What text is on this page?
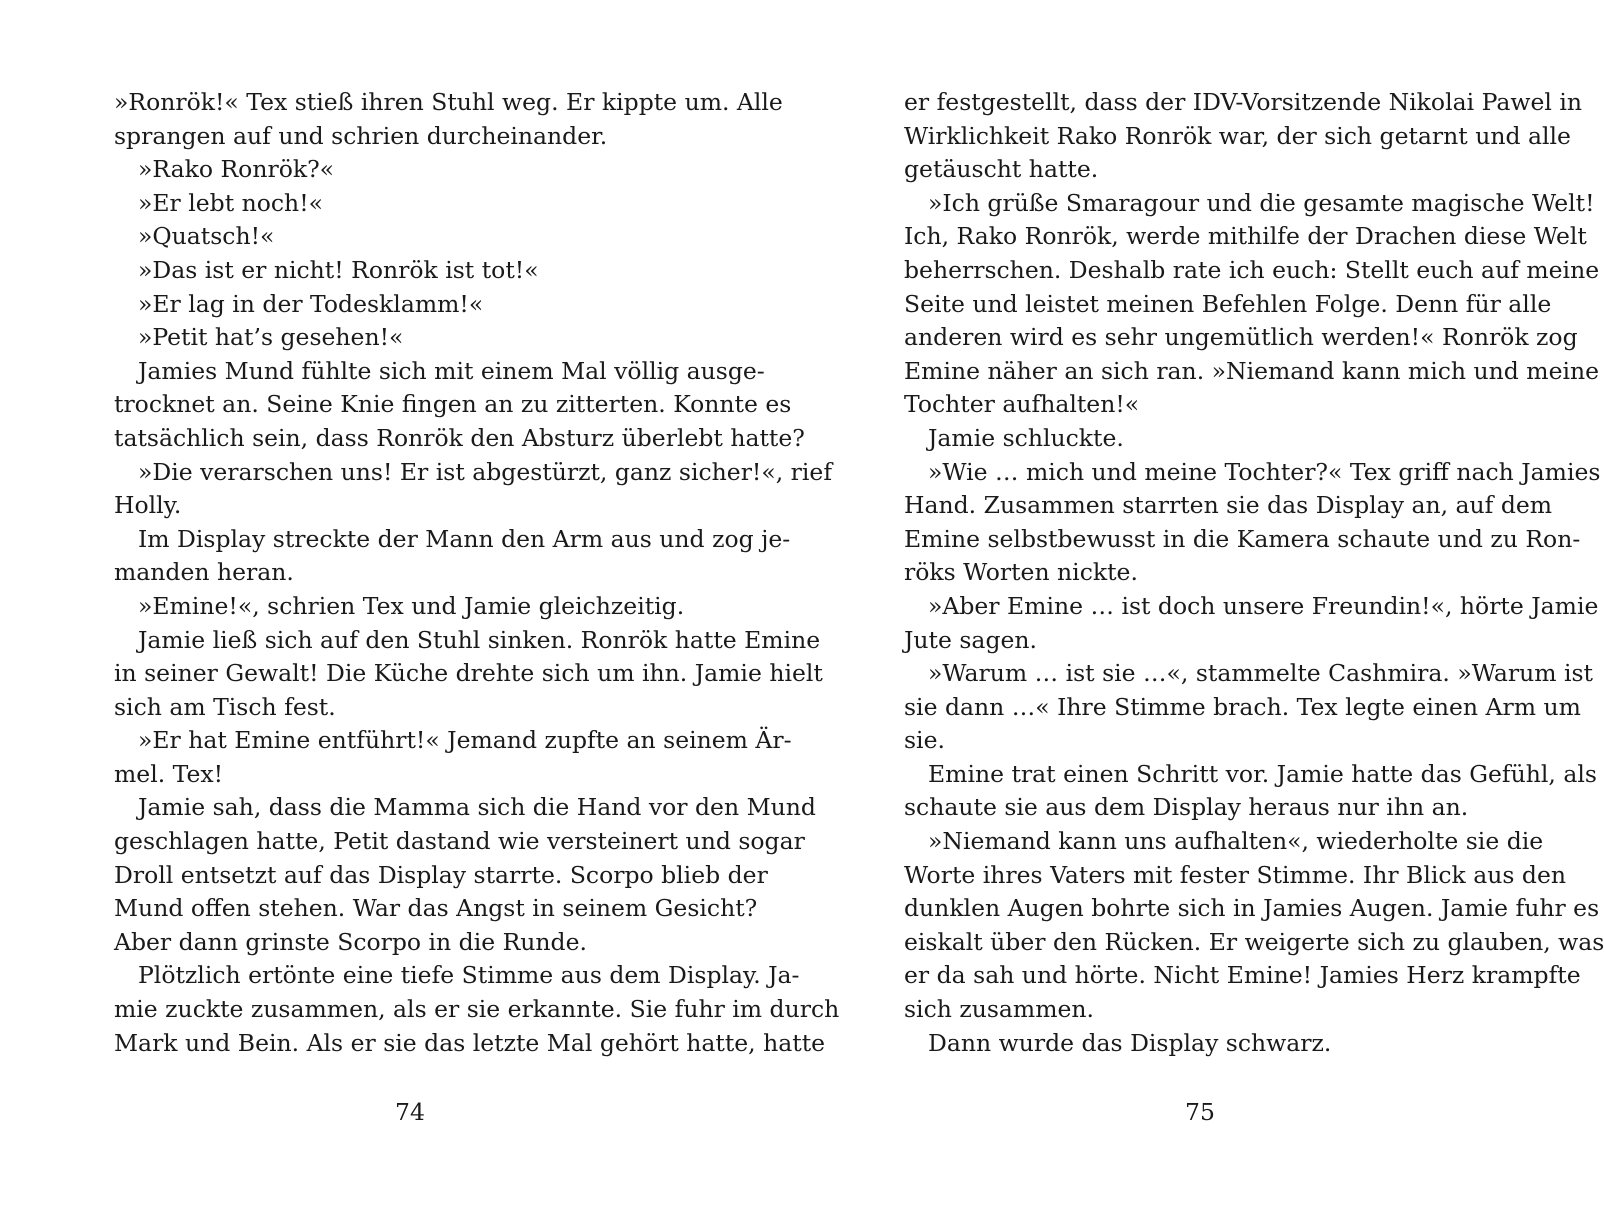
»Ronrök!« Tex stieß ihren Stuhl weg. Er kippte um. Alle
sprangen auf und schrien durcheinander.
»Rako Ronrök?«
»Er lebt noch!«
»Quatsch!«
»Das ist er nicht! Ronrök ist tot!«
»Er lag in der Todesklamm!«
»Petit hat’s gesehen!«
Jamies Mund fühlte sich mit einem Mal völlig ausge-
trocknet an. Seine Knie fingen an zu zitterten. Konnte es
tatsächlich sein, dass Ronrök den Absturz überlebt hatte?
»Die verarschen uns! Er ist abgestürzt, ganz sicher!«, rief
Holly.
Im Display streckte der Mann den Arm aus und zog je-
manden heran.
»Emine!«, schrien Tex und Jamie gleichzeitig.
Jamie ließ sich auf den Stuhl sinken. Ronrök hatte Emine
in seiner Gewalt! Die Küche drehte sich um ihn. Jamie hielt
sich am Tisch fest.
»Er hat Emine entführt!« Jemand zupfte an seinem Är-
mel. Tex!
Jamie sah, dass die Mamma sich die Hand vor den Mund
geschlagen hatte, Petit dastand wie versteinert und sogar
Droll entsetzt auf das Display starrte. Scorpo blieb der
Mund offen stehen. War das Angst in seinem Gesicht?
Aber dann grinste Scorpo in die Runde.
Plötzlich ertönte eine tiefe Stimme aus dem Display. Ja-
mie zuckte zusammen, als er sie erkannte. Sie fuhr im durch
Mark und Bein. Als er sie das letzte Mal gehört hatte, hatte
74
er festgestellt, dass der IDV-Vorsitzende Nikolai Pawel in
Wirklichkeit Rako Ronrök war, der sich getarnt und alle
getäuscht hatte.
»Ich grüße Smaragour und die gesamte magische Welt!
Ich, Rako Ronrök, werde mithilfe der Drachen diese Welt
beherrschen. Deshalb rate ich euch: Stellt euch auf meine
Seite und leistet meinen Befehlen Folge. Denn für alle
anderen wird es sehr ungemütlich werden!« Ronrök zog
Emine näher an sich ran. »Niemand kann mich und meine
Tochter aufhalten!«
Jamie schluckte.
»Wie … mich und meine Tochter?« Tex griff nach Jamies
Hand. Zusammen starrten sie das Display an, auf dem
Emine selbstbewusst in die Kamera schaute und zu Ron-
röks Worten nickte.
»Aber Emine … ist doch unsere Freundin!«, hörte Jamie
Jute sagen.
»Warum … ist sie …«, stammelte Cashmira. »Warum ist
sie dann …« Ihre Stimme brach. Tex legte einen Arm um
sie.
Emine trat einen Schritt vor. Jamie hatte das Gefühl, als
schaute sie aus dem Display heraus nur ihn an.
»Niemand kann uns aufhalten«, wiederholte sie die
Worte ihres Vaters mit fester Stimme. Ihr Blick aus den
dunklen Augen bohrte sich in Jamies Augen. Jamie fuhr es
eiskalt über den Rücken. Er weigerte sich zu glauben, was
er da sah und hörte. Nicht Emine! Jamies Herz krampfte
sich zusammen.
Dann wurde das Display schwarz.
75
